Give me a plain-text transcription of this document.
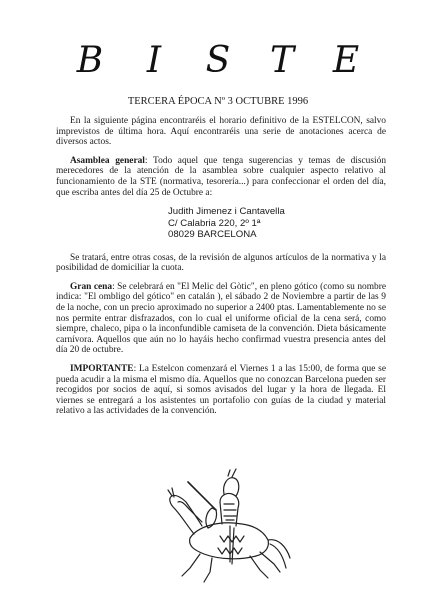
B I S T E
TERCERA ÉPOCA Nº 3 OCTUBRE 1996

En la siguiente página encontraréis el horario definitivo de la ESTELCON, salvo imprevistos de última hora. Aquí encontraréis una serie de anotaciones acerca de diversos actos.

Asamblea general: Todo aquel que tenga sugerencias y temas de discusión merecedores de la atención de la asamblea sobre cualquier aspecto relativo al funcionamiento de la STE (normativa, tesorería...) para confeccionar el orden del día, que escriba antes del día 25 de Octubre a:

Judith Jimenez i Cantavella
C/ Calabria 220, 2º 1ª
08029 BARCELONA

Se tratará, entre otras cosas, de la revisión de algunos artículos de la normativa y la posibilidad de domiciliar la cuota.

Gran cena: Se celebrará en "El Melic del Gòtic", en pleno gótico (como su nombre indica: "El ombligo del gótico" en catalán ), el sábado 2 de Noviembre a partir de las 9 de la noche, con un precio aproximado no superior a 2400 ptas. Lamentablemente no se nos permite entrar disfrazados, con lo cual el uniforme oficial de la cena será, como siempre, chaleco, pipa o la inconfundible camiseta de la convención. Dieta básicamente carnívora. Aquellos que aún no lo hayáis hecho confirmad vuestra presencia antes del día 20 de octubre.

IMPORTANTE: La Estelcon comenzará el Viernes 1 a las 15:00, de forma que se pueda acudir a la misma el mismo día. Aquellos que no conozcan Barcelona pueden ser recogidos por socios de aquí, si somos avisados del lugar y la hora de llegada. El viernes se entregará a los asistentes un portafolio con guías de la ciudad y material relativo a las actividades de la convención.
